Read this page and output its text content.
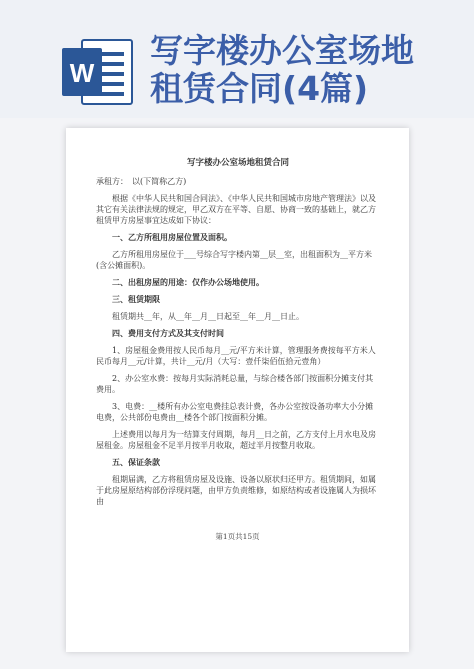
W
写字楼办公室场地
租赁合同(4篇)
写字楼办公室场地租赁合同

承租方：　以(下简称乙方)

根据《中华人民共和国合同法》、《中华人民共和国城市房地产管理法》以及其它有关法律法规的规定，甲乙双方在平等、自愿、协商一致的基础上，就乙方租赁甲方房屋事宜达成如下协议：

一、乙方所租用房屋位置及面积。

乙方所租用房屋位于___号综合写字楼内第__层__室，出租面积为__平方米(含公摊面积)。

二、出租房屋的用途：仅作办公场地使用。

三、租赁期限

租赁期共__年，从__年__月__日起至__年__月__日止。

四、费用支付方式及其支付时间

1、房屋租金费用按人民币每月__元/平方米计算，管理服务费按每平方米人民币每月__元/计算，共计__元/月（大写：壹仟柒佰伍拾元壹角）

2、办公室水费：按每月实际消耗总量，与综合楼各部门按面积分摊支付其费用。

3、电费：__楼所有办公室电费挂总表计费，各办公室按设备功率大小分摊电费，公共部份电费由__楼各个部门按面积分摊。

上述费用以每月为一结算支付周期，每月__日之前，乙方支付上月水电及房屋租金。房屋租金不足半月按半月收取，超过半月按整月收取。

五、保证条款

租期届满，乙方将租赁房屋及设施、设备以原状归还甲方。租赁期间，如属于此房屋原结构部份浮现问题，由甲方负责维修，如原结构或者设施属人为损坏由

第1页共15页
